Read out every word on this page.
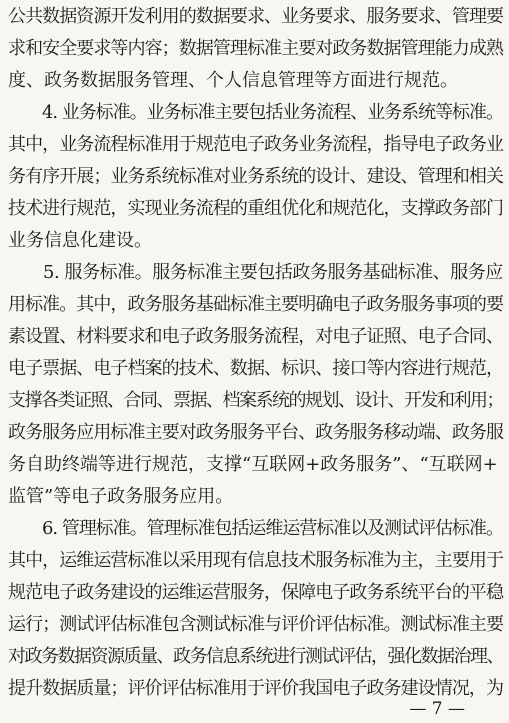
公共数据资源开发利用的数据要求、业务要求、服务要求、管理要
求和安全要求等内容；数据管理标准主要对政务数据管理能力成熟
度、政务数据服务管理、个人信息管理等方面进行规范。
　　4. 业务标准。业务标准主要包括业务流程、业务系统等标准。
其中，业务流程标准用于规范电子政务业务流程，指导电子政务业
务有序开展；业务系统标准对业务系统的设计、建设、管理和相关
技术进行规范，实现业务流程的重组优化和规范化，支撑政务部门
业务信息化建设。
　　5. 服务标准。服务标准主要包括政务服务基础标准、服务应
用标准。其中，政务服务基础标准主要明确电子政务服务事项的要
素设置、材料要求和电子政务服务流程，对电子证照、电子合同、
电子票据、电子档案的技术、数据、标识、接口等内容进行规范，
支撑各类证照、合同、票据、档案系统的规划、设计、开发和利用；
政务服务应用标准主要对政务服务平台、政务服务移动端、政务服
务自助终端等进行规范，支撑“互联网+政务服务”、“互联网+
监管”等电子政务服务应用。
　　6. 管理标准。管理标准包括运维运营标准以及测试评估标准。
其中，运维运营标准以采用现有信息技术服务标准为主，主要用于
规范电子政务建设的运维运营服务，保障电子政务系统平台的平稳
运行；测试评估标准包含测试标准与评价评估标准。测试标准主要
对政务数据资源质量、政务信息系统进行测试评估，强化数据治理、
提升数据质量；评价评估标准用于评价我国电子政务建设情况，为
— 7 —
